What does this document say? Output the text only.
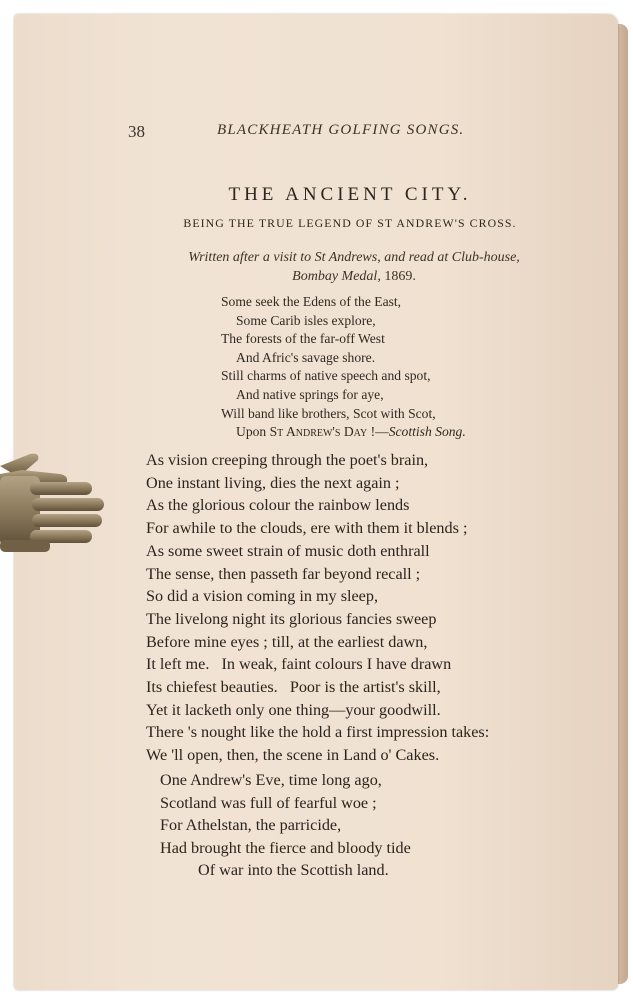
38	BLACKHEATH GOLFING SONGS.
THE ANCIENT CITY.
BEING THE TRUE LEGEND OF ST ANDREW'S CROSS.
Written after a visit to St Andrews, and read at Club-house,
Bombay Medal, 1869.
Some seek the Edens of the East,
Some Carib isles explore,
The forests of the far-off West
And Afric's savage shore.
Still charms of native speech and spot,
And native springs for aye,
Will band like brothers, Scot with Scot,
Upon St Andrew's Day !—Scottish Song.
As vision creeping through the poet's brain,
One instant living, dies the next again ;
As the glorious colour the rainbow lends
For awhile to the clouds, ere with them it blends ;
As some sweet strain of music doth enthrall
The sense, then passeth far beyond recall ;
So did a vision coming in my sleep,
The livelong night its glorious fancies sweep
Before mine eyes ; till, at the earliest dawn,
It left me.   In weak, faint colours I have drawn
Its chiefest beauties.   Poor is the artist's skill,
Yet it lacketh only one thing—your goodwill.
There 's nought like the hold a first impression takes:
We 'll open, then, the scene in Land o' Cakes.
One Andrew's Eve, time long ago,
Scotland was full of fearful woe ;
For Athelstan, the parricide,
Had brought the fierce and bloody tide
Of war into the Scottish land.
